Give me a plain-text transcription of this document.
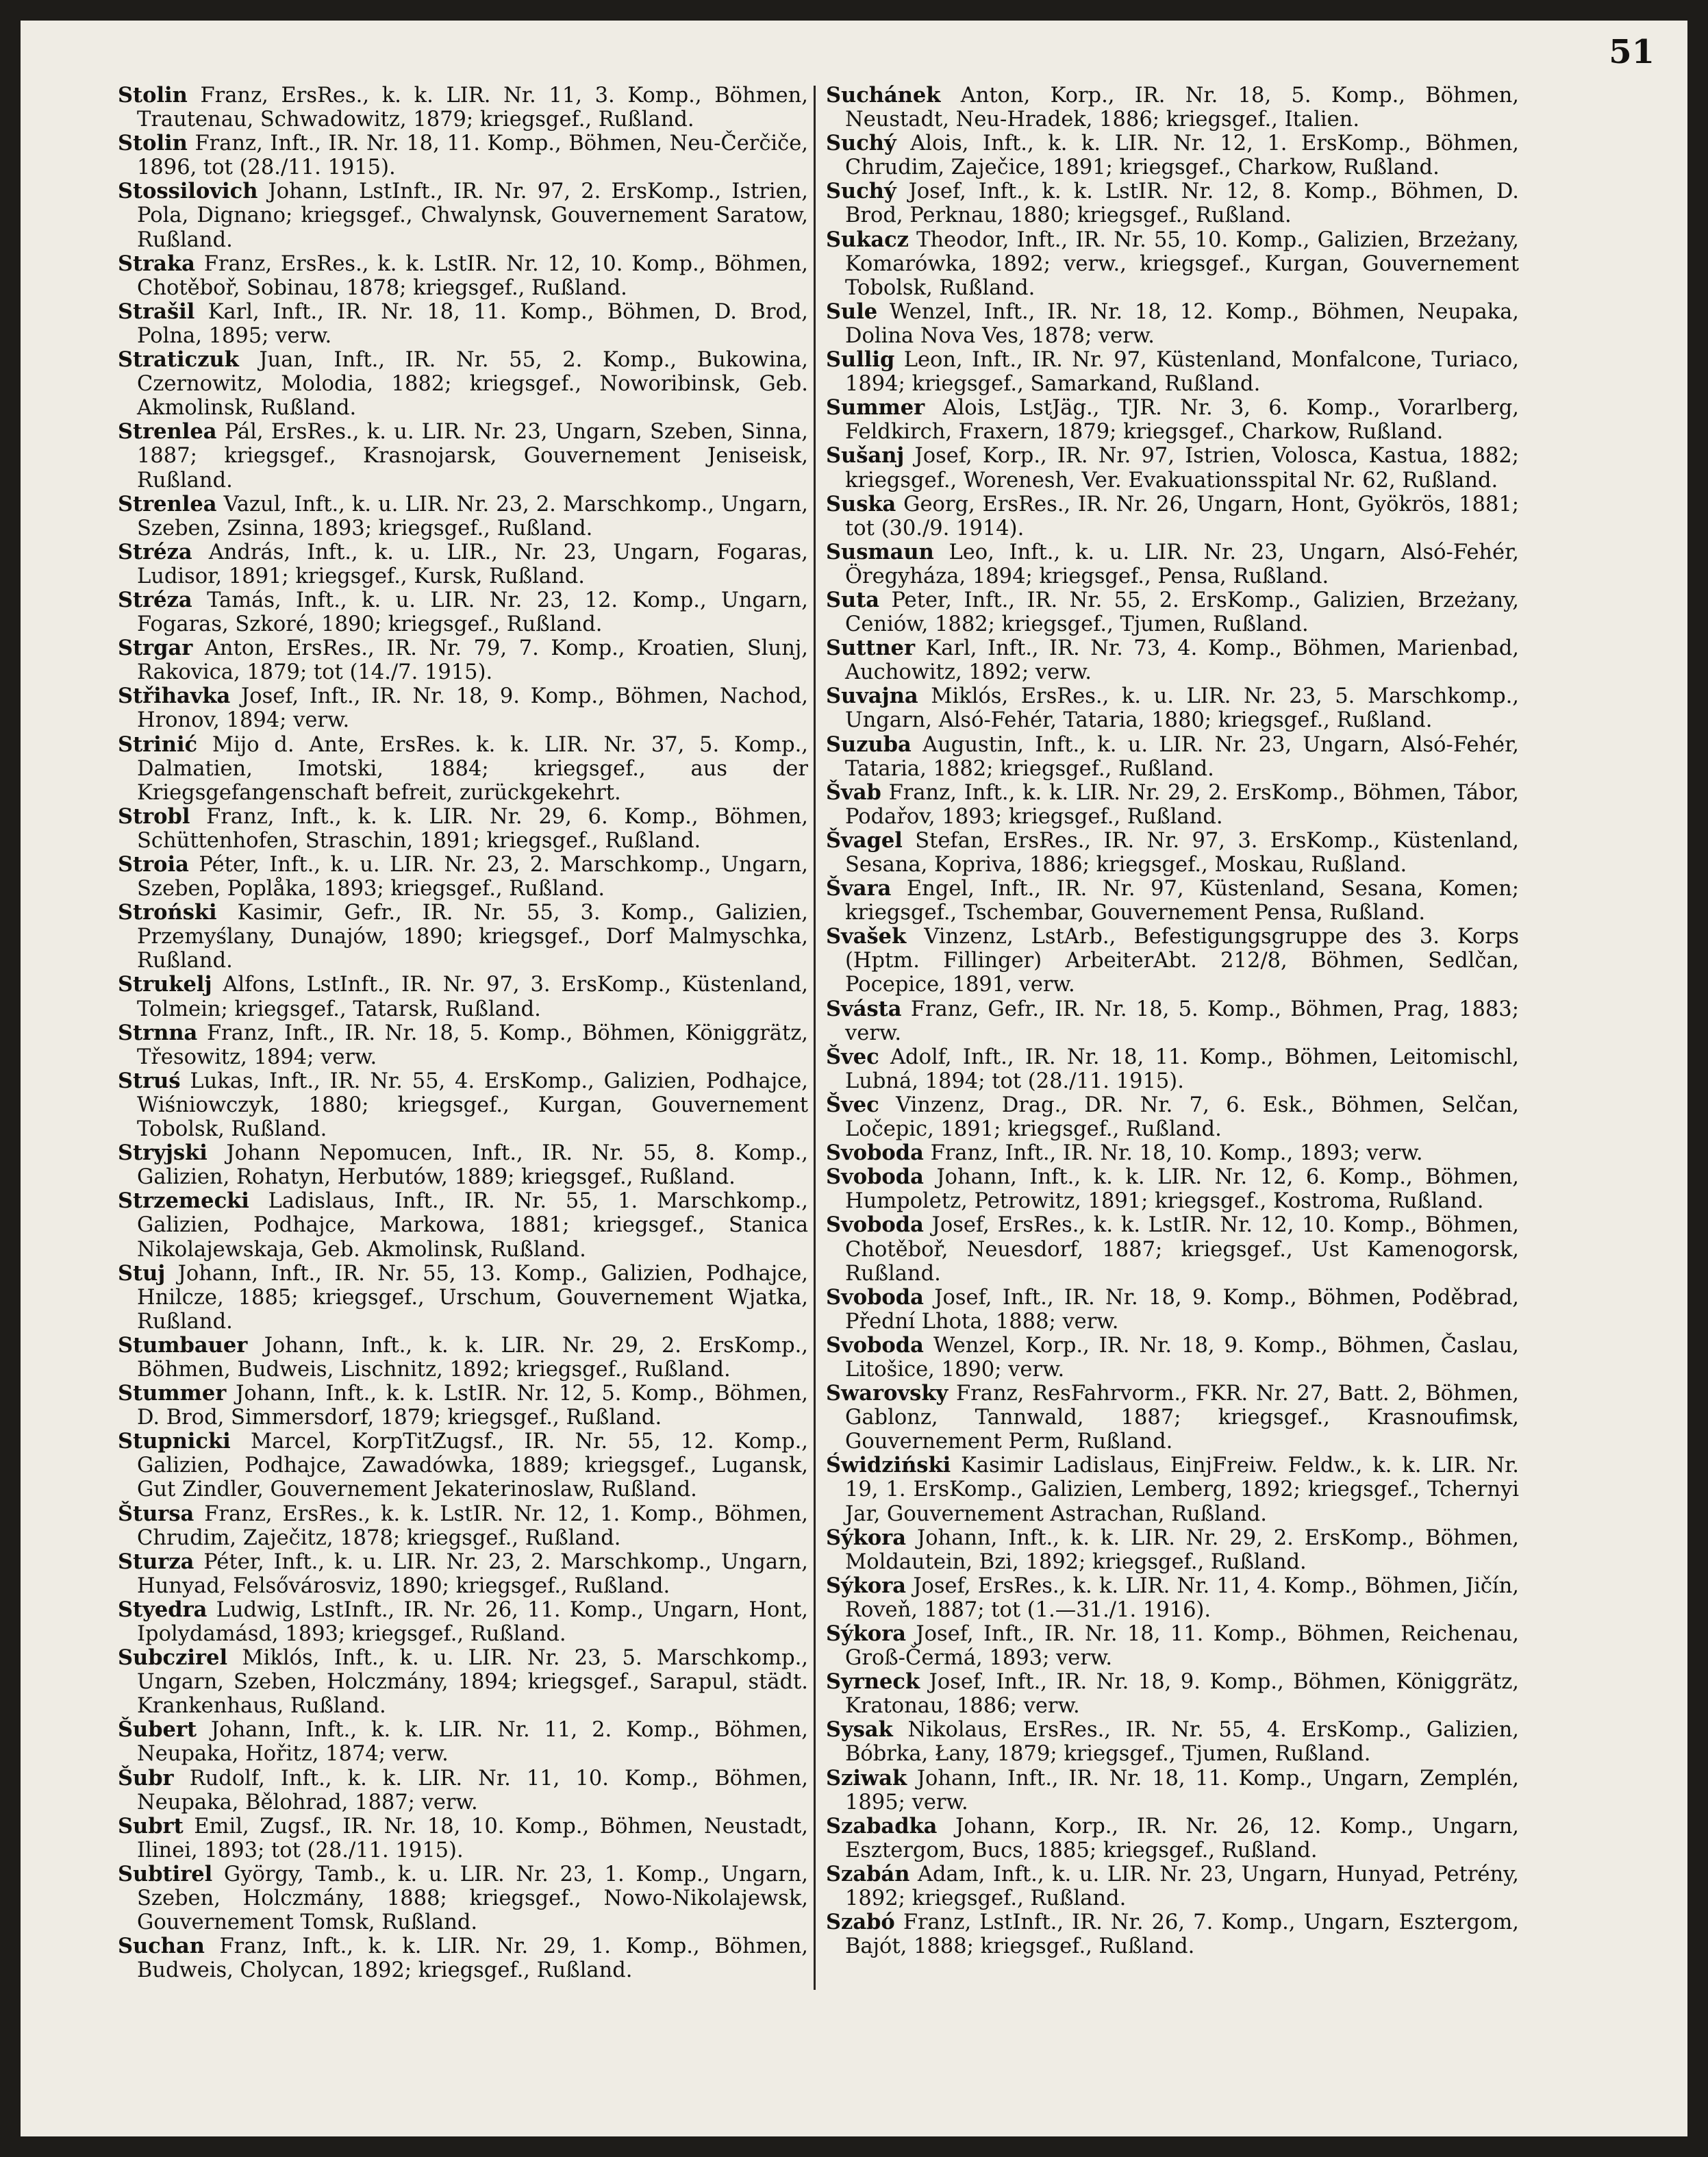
51

Stolin Franz, ErsRes., k. k. LIR. Nr. 11, 3. Komp., Böhmen, Trautenau, Schwadowitz, 1879; kriegsgef., Rußland.

Stolin Franz, Inft., IR. Nr. 18, 11. Komp., Böhmen, Neu-Čerčiče, 1896, tot (28./11. 1915).

Stossilovich Johann, LstInft., IR. Nr. 97, 2. ErsKomp., Istrien, Pola, Dignano; kriegsgef., Chwalynsk, Gouvernement Saratow, Rußland.

Straka Franz, ErsRes., k. k. LstIR. Nr. 12, 10. Komp., Böhmen, Chotěboř, Sobinau, 1878; kriegsgef., Rußland.

Strašil Karl, Inft., IR. Nr. 18, 11. Komp., Böhmen, D. Brod, Polna, 1895; verw.

Straticzuk Juan, Inft., IR. Nr. 55, 2. Komp., Bukowina, Czernowitz, Molodia, 1882; kriegsgef., Noworibinsk, Geb. Akmolinsk, Rußland.

Strenlea Pál, ErsRes., k. u. LIR. Nr. 23, Ungarn, Szeben, Sinna, 1887; kriegsgef., Krasnojarsk, Gouvernement Jeniseisk, Rußland.

Strenlea Vazul, Inft., k. u. LIR. Nr. 23, 2. Marschkomp., Ungarn, Szeben, Zsinna, 1893; kriegsgef., Rußland.

Stréza András, Inft., k. u. LIR., Nr. 23, Ungarn, Fogaras, Ludisor, 1891; kriegsgef., Kursk, Rußland.

Stréza Tamás, Inft., k. u. LIR. Nr. 23, 12. Komp., Ungarn, Fogaras, Szkoré, 1890; kriegsgef., Rußland.

Strgar Anton, ErsRes., IR. Nr. 79, 7. Komp., Kroatien, Slunj, Rakovica, 1879; tot (14./7. 1915).

Střihavka Josef, Inft., IR. Nr. 18, 9. Komp., Böhmen, Nachod, Hronov, 1894; verw.

Strinić Mijo d. Ante, ErsRes. k. k. LIR. Nr. 37, 5. Komp., Dalmatien, Imotski, 1884; kriegsgef., aus der Kriegsgefangenschaft befreit, zurückgekehrt.

Strobl Franz, Inft., k. k. LIR. Nr. 29, 6. Komp., Böhmen, Schüttenhofen, Straschin, 1891; kriegsgef., Rußland.

Stroia Péter, Inft., k. u. LIR. Nr. 23, 2. Marschkomp., Ungarn, Szeben, Poplåka, 1893; kriegsgef., Rußland.

Stroński Kasimir, Gefr., IR. Nr. 55, 3. Komp., Galizien, Przemyślany, Dunajów, 1890; kriegsgef., Dorf Malmyschka, Rußland.

Strukelj Alfons, LstInft., IR. Nr. 97, 3. ErsKomp., Küstenland, Tolmein; kriegsgef., Tatarsk, Rußland.

Strnna Franz, Inft., IR. Nr. 18, 5. Komp., Böhmen, Königgrätz, Třesowitz, 1894; verw.

Struś Lukas, Inft., IR. Nr. 55, 4. ErsKomp., Galizien, Podhajce, Wiśniowczyk, 1880; kriegsgef., Kurgan, Gouvernement Tobolsk, Rußland.

Stryjski Johann Nepomucen, Inft., IR. Nr. 55, 8. Komp., Galizien, Rohatyn, Herbutów, 1889; kriegsgef., Rußland.

Strzemecki Ladislaus, Inft., IR. Nr. 55, 1. Marschkomp., Galizien, Podhajce, Markowa, 1881; kriegsgef., Stanica Nikolajewskaja, Geb. Akmolinsk, Rußland.

Stuj Johann, Inft., IR. Nr. 55, 13. Komp., Galizien, Podhajce, Hnilcze, 1885; kriegsgef., Urschum, Gouvernement Wjatka, Rußland.

Stumbauer Johann, Inft., k. k. LIR. Nr. 29, 2. ErsKomp., Böhmen, Budweis, Lischnitz, 1892; kriegsgef., Rußland.

Stummer Johann, Inft., k. k. LstIR. Nr. 12, 5. Komp., Böhmen, D. Brod, Simmersdorf, 1879; kriegsgef., Rußland.

Stupnicki Marcel, KorpTitZugsf., IR. Nr. 55, 12. Komp., Galizien, Podhajce, Zawadówka, 1889; kriegsgef., Lugansk, Gut Zindler, Gouvernement Jekaterinoslaw, Rußland.

Štursa Franz, ErsRes., k. k. LstIR. Nr. 12, 1. Komp., Böhmen, Chrudim, Zaječitz, 1878; kriegsgef., Rußland.

Sturza Péter, Inft., k. u. LIR. Nr. 23, 2. Marschkomp., Ungarn, Hunyad, Felsővárosviz, 1890; kriegsgef., Rußland.

Styedra Ludwig, LstInft., IR. Nr. 26, 11. Komp., Ungarn, Hont, Ipolydamásd, 1893; kriegsgef., Rußland.

Subczirel Miklós, Inft., k. u. LIR. Nr. 23, 5. Marschkomp., Ungarn, Szeben, Holczmány, 1894; kriegsgef., Sarapul, städt. Krankenhaus, Rußland.

Šubert Johann, Inft., k. k. LIR. Nr. 11, 2. Komp., Böhmen, Neupaka, Hořitz, 1874; verw.

Šubr Rudolf, Inft., k. k. LIR. Nr. 11, 10. Komp., Böhmen, Neupaka, Bělohrad, 1887; verw.

Subrt Emil, Zugsf., IR. Nr. 18, 10. Komp., Böhmen, Neustadt, Ilinei, 1893; tot (28./11. 1915).

Subtirel György, Tamb., k. u. LIR. Nr. 23, 1. Komp., Ungarn, Szeben, Holczmány, 1888; kriegsgef., Nowo-Nikolajewsk, Gouvernement Tomsk, Rußland.

Suchan Franz, Inft., k. k. LIR. Nr. 29, 1. Komp., Böhmen, Budweis, Cholycan, 1892; kriegsgef., Rußland.

Suchánek Anton, Korp., IR. Nr. 18, 5. Komp., Böhmen, Neustadt, Neu-Hradek, 1886; kriegsgef., Italien.

Suchý Alois, Inft., k. k. LIR. Nr. 12, 1. ErsKomp., Böhmen, Chrudim, Zaječice, 1891; kriegsgef., Charkow, Rußland.

Suchý Josef, Inft., k. k. LstIR. Nr. 12, 8. Komp., Böhmen, D. Brod, Perknau, 1880; kriegsgef., Rußland.

Sukacz Theodor, Inft., IR. Nr. 55, 10. Komp., Galizien, Brzeżany, Komarówka, 1892; verw., kriegsgef., Kurgan, Gouvernement Tobolsk, Rußland.

Sule Wenzel, Inft., IR. Nr. 18, 12. Komp., Böhmen, Neupaka, Dolina Nova Ves, 1878; verw.

Sullig Leon, Inft., IR. Nr. 97, Küstenland, Monfalcone, Turiaco, 1894; kriegsgef., Samarkand, Rußland.

Summer Alois, LstJäg., TJR. Nr. 3, 6. Komp., Vorarlberg, Feldkirch, Fraxern, 1879; kriegsgef., Charkow, Rußland.

Sušanj Josef, Korp., IR. Nr. 97, Istrien, Volosca, Kastua, 1882; kriegsgef., Worenesh, Ver. Evakuationsspital Nr. 62, Rußland.

Suska Georg, ErsRes., IR. Nr. 26, Ungarn, Hont, Gyökrös, 1881; tot (30./9. 1914).

Susmaun Leo, Inft., k. u. LIR. Nr. 23, Ungarn, Alsó-Fehér, Öregyháza, 1894; kriegsgef., Pensa, Rußland.

Suta Peter, Inft., IR. Nr. 55, 2. ErsKomp., Galizien, Brzeżany, Ceniów, 1882; kriegsgef., Tjumen, Rußland.

Suttner Karl, Inft., IR. Nr. 73, 4. Komp., Böhmen, Marienbad, Auchowitz, 1892; verw.

Suvajna Miklós, ErsRes., k. u. LIR. Nr. 23, 5. Marschkomp., Ungarn, Alsó-Fehér, Tataria, 1880; kriegsgef., Rußland.

Suzuba Augustin, Inft., k. u. LIR. Nr. 23, Ungarn, Alsó-Fehér, Tataria, 1882; kriegsgef., Rußland.

Švab Franz, Inft., k. k. LIR. Nr. 29, 2. ErsKomp., Böhmen, Tábor, Podařov, 1893; kriegsgef., Rußland.

Švagel Stefan, ErsRes., IR. Nr. 97, 3. ErsKomp., Küstenland, Sesana, Kopriva, 1886; kriegsgef., Moskau, Rußland.

Švara Engel, Inft., IR. Nr. 97, Küstenland, Sesana, Komen; kriegsgef., Tschembar, Gouvernement Pensa, Rußland.

Svašek Vinzenz, LstArb., Befestigungsgruppe des 3. Korps (Hptm. Fillinger) ArbeiterAbt. 212/8, Böhmen, Sedlčan, Pocepice, 1891, verw.

Svásta Franz, Gefr., IR. Nr. 18, 5. Komp., Böhmen, Prag, 1883; verw.

Švec Adolf, Inft., IR. Nr. 18, 11. Komp., Böhmen, Leitomischl, Lubná, 1894; tot (28./11. 1915).

Švec Vinzenz, Drag., DR. Nr. 7, 6. Esk., Böhmen, Selčan, Ločepic, 1891; kriegsgef., Rußland.

Svoboda Franz, Inft., IR. Nr. 18, 10. Komp., 1893; verw.

Svoboda Johann, Inft., k. k. LIR. Nr. 12, 6. Komp., Böhmen, Humpoletz, Petrowitz, 1891; kriegsgef., Kostroma, Rußland.

Svoboda Josef, ErsRes., k. k. LstIR. Nr. 12, 10. Komp., Böhmen, Chotěboř, Neuesdorf, 1887; kriegsgef., Ust Kamenogorsk, Rußland.

Svoboda Josef, Inft., IR. Nr. 18, 9. Komp., Böhmen, Poděbrad, Přední Lhota, 1888; verw.

Svoboda Wenzel, Korp., IR. Nr. 18, 9. Komp., Böhmen, Časlau, Litošice, 1890; verw.

Swarovsky Franz, ResFahrvorm., FKR. Nr. 27, Batt. 2, Böhmen, Gablonz, Tannwald, 1887; kriegsgef., Krasnoufimsk, Gouvernement Perm, Rußland.

Świdziński Kasimir Ladislaus, EinjFreiw. Feldw., k. k. LIR. Nr. 19, 1. ErsKomp., Galizien, Lemberg, 1892; kriegsgef., Tchernyi Jar, Gouvernement Astrachan, Rußland.

Sýkora Johann, Inft., k. k. LIR. Nr. 29, 2. ErsKomp., Böhmen, Moldautein, Bzi, 1892; kriegsgef., Rußland.

Sýkora Josef, ErsRes., k. k. LIR. Nr. 11, 4. Komp., Böhmen, Jičín, Roveň, 1887; tot (1.—31./1. 1916).

Sýkora Josef, Inft., IR. Nr. 18, 11. Komp., Böhmen, Reichenau, Groß-Čermá, 1893; verw.

Syrneck Josef, Inft., IR. Nr. 18, 9. Komp., Böhmen, Königgrätz, Kratonau, 1886; verw.

Sysak Nikolaus, ErsRes., IR. Nr. 55, 4. ErsKomp., Galizien, Bóbrka, Łany, 1879; kriegsgef., Tjumen, Rußland.

Sziwak Johann, Inft., IR. Nr. 18, 11. Komp., Ungarn, Zemplén, 1895; verw.

Szabadka Johann, Korp., IR. Nr. 26, 12. Komp., Ungarn, Esztergom, Bucs, 1885; kriegsgef., Rußland.

Szabán Adam, Inft., k. u. LIR. Nr. 23, Ungarn, Hunyad, Petrény, 1892; kriegsgef., Rußland.

Szabó Franz, LstInft., IR. Nr. 26, 7. Komp., Ungarn, Esztergom, Bajót, 1888; kriegsgef., Rußland.
